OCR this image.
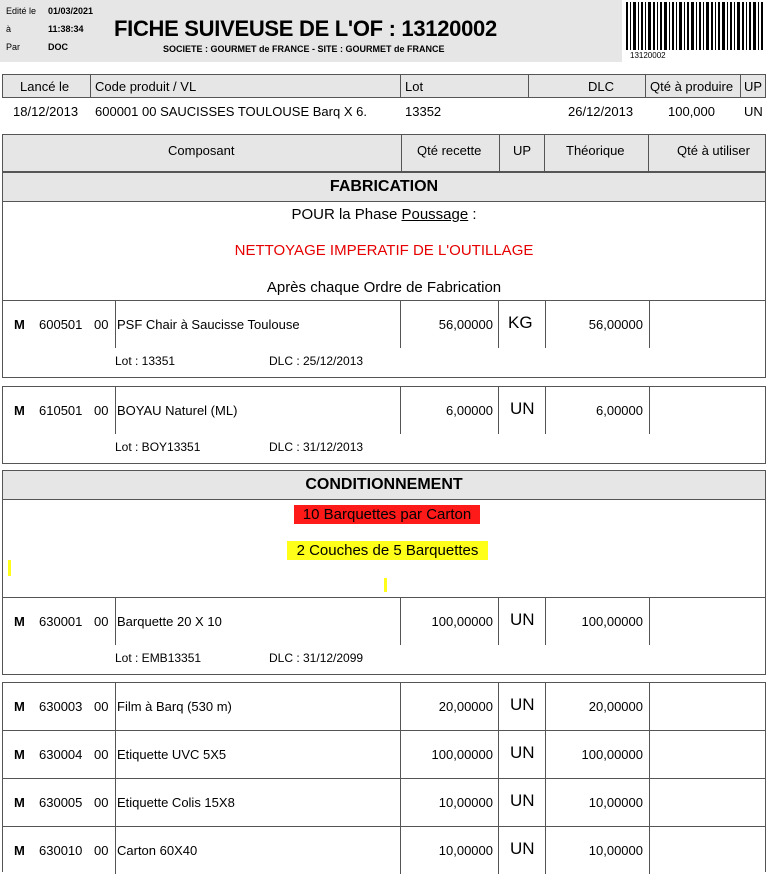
Edité le 01/03/2021
à	11:38:34
Par	DOC
FICHE SUIVEUSE DE L'OF : 13120002
SOCIETE : GOURMET de FRANCE - SITE : GOURMET de FRANCE
13120002
Lancé le Code produit / VL	Lot	DLC	Qté à produire UP
18/12/2013 600001 00 SAUCISSES TOULOUSE Barq X 6.	13352	26/12/2013	100,000 UN
Composant	Qté recette UP	Théorique	Qté à utiliser
FABRICATION
POUR la Phase Poussage :
NETTOYAGE IMPERATIF DE L'OUTILLAGE
Après chaque Ordre de Fabrication
M 600501 00 PSF Chair à Saucisse Toulouse	56,00000 KG	56,00000
Lot : 13351	DLC : 25/12/2013
M 610501 00 BOYAU Naturel (ML)	6,00000 UN	6,00000
Lot : BOY13351	DLC : 31/12/2013
CONDITIONNEMENT
10 Barquettes par Carton
2 Couches de 5 Barquettes
M 630001 00 Barquette 20 X 10	100,00000 UN	100,00000
Lot : EMB13351	DLC : 31/12/2099
M 630003 00 Film à Barq (530 m)	20,00000 UN	20,00000
M 630004 00 Etiquette UVC 5X5	100,00000 UN	100,00000
M 630005 00 Etiquette Colis 15X8	10,00000 UN	10,00000
M 630010 00 Carton 60X40	10,00000 UN	10,00000
